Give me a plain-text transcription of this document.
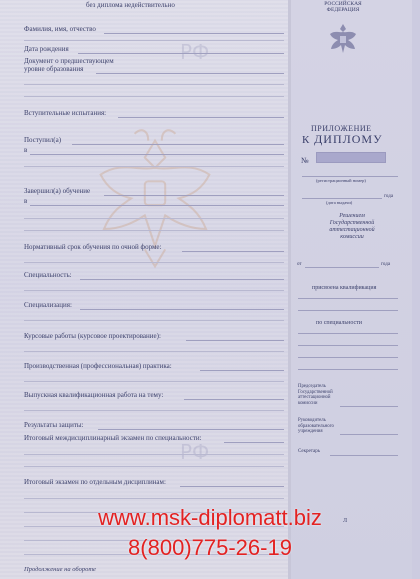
РФ
РФ
без диплома недействительно
Фамилия, имя, отчество
Дата рождения
Документ о предшествующем
уровне образования
Вступительные испытания:
Поступил(а)
в
Завершил(а) обучение
в
Нормативный срок обучения по очной форме:
Специальность:
Специализация:
Курсовые работы (курсовое проектирование):
Производственная (профессиональная) практика:
Выпускная квалификационная работа на тему:
Результаты защиты:
Итоговый междисциплинарный экзамен по специальности:
Итоговый экзамен по отдельным дисциплинам:
Продолжение на обороте
РОССИЙСКАЯ
ФЕДЕРАЦИЯ
ПРИЛОЖЕНИЕ
К ДИПЛОМУ
№
(регистрационный номер)
года
(дата выдачи)
Решением
Государственной
аттестационной
комиссии
от	года
присвоена квалификация
по специальности
Председатель
Государственной
аттестационной
комиссии
Руководитель
образовательного
учреждения
Секретарь
Л
www.msk-diplomatt.biz
8(800)775-26-19
